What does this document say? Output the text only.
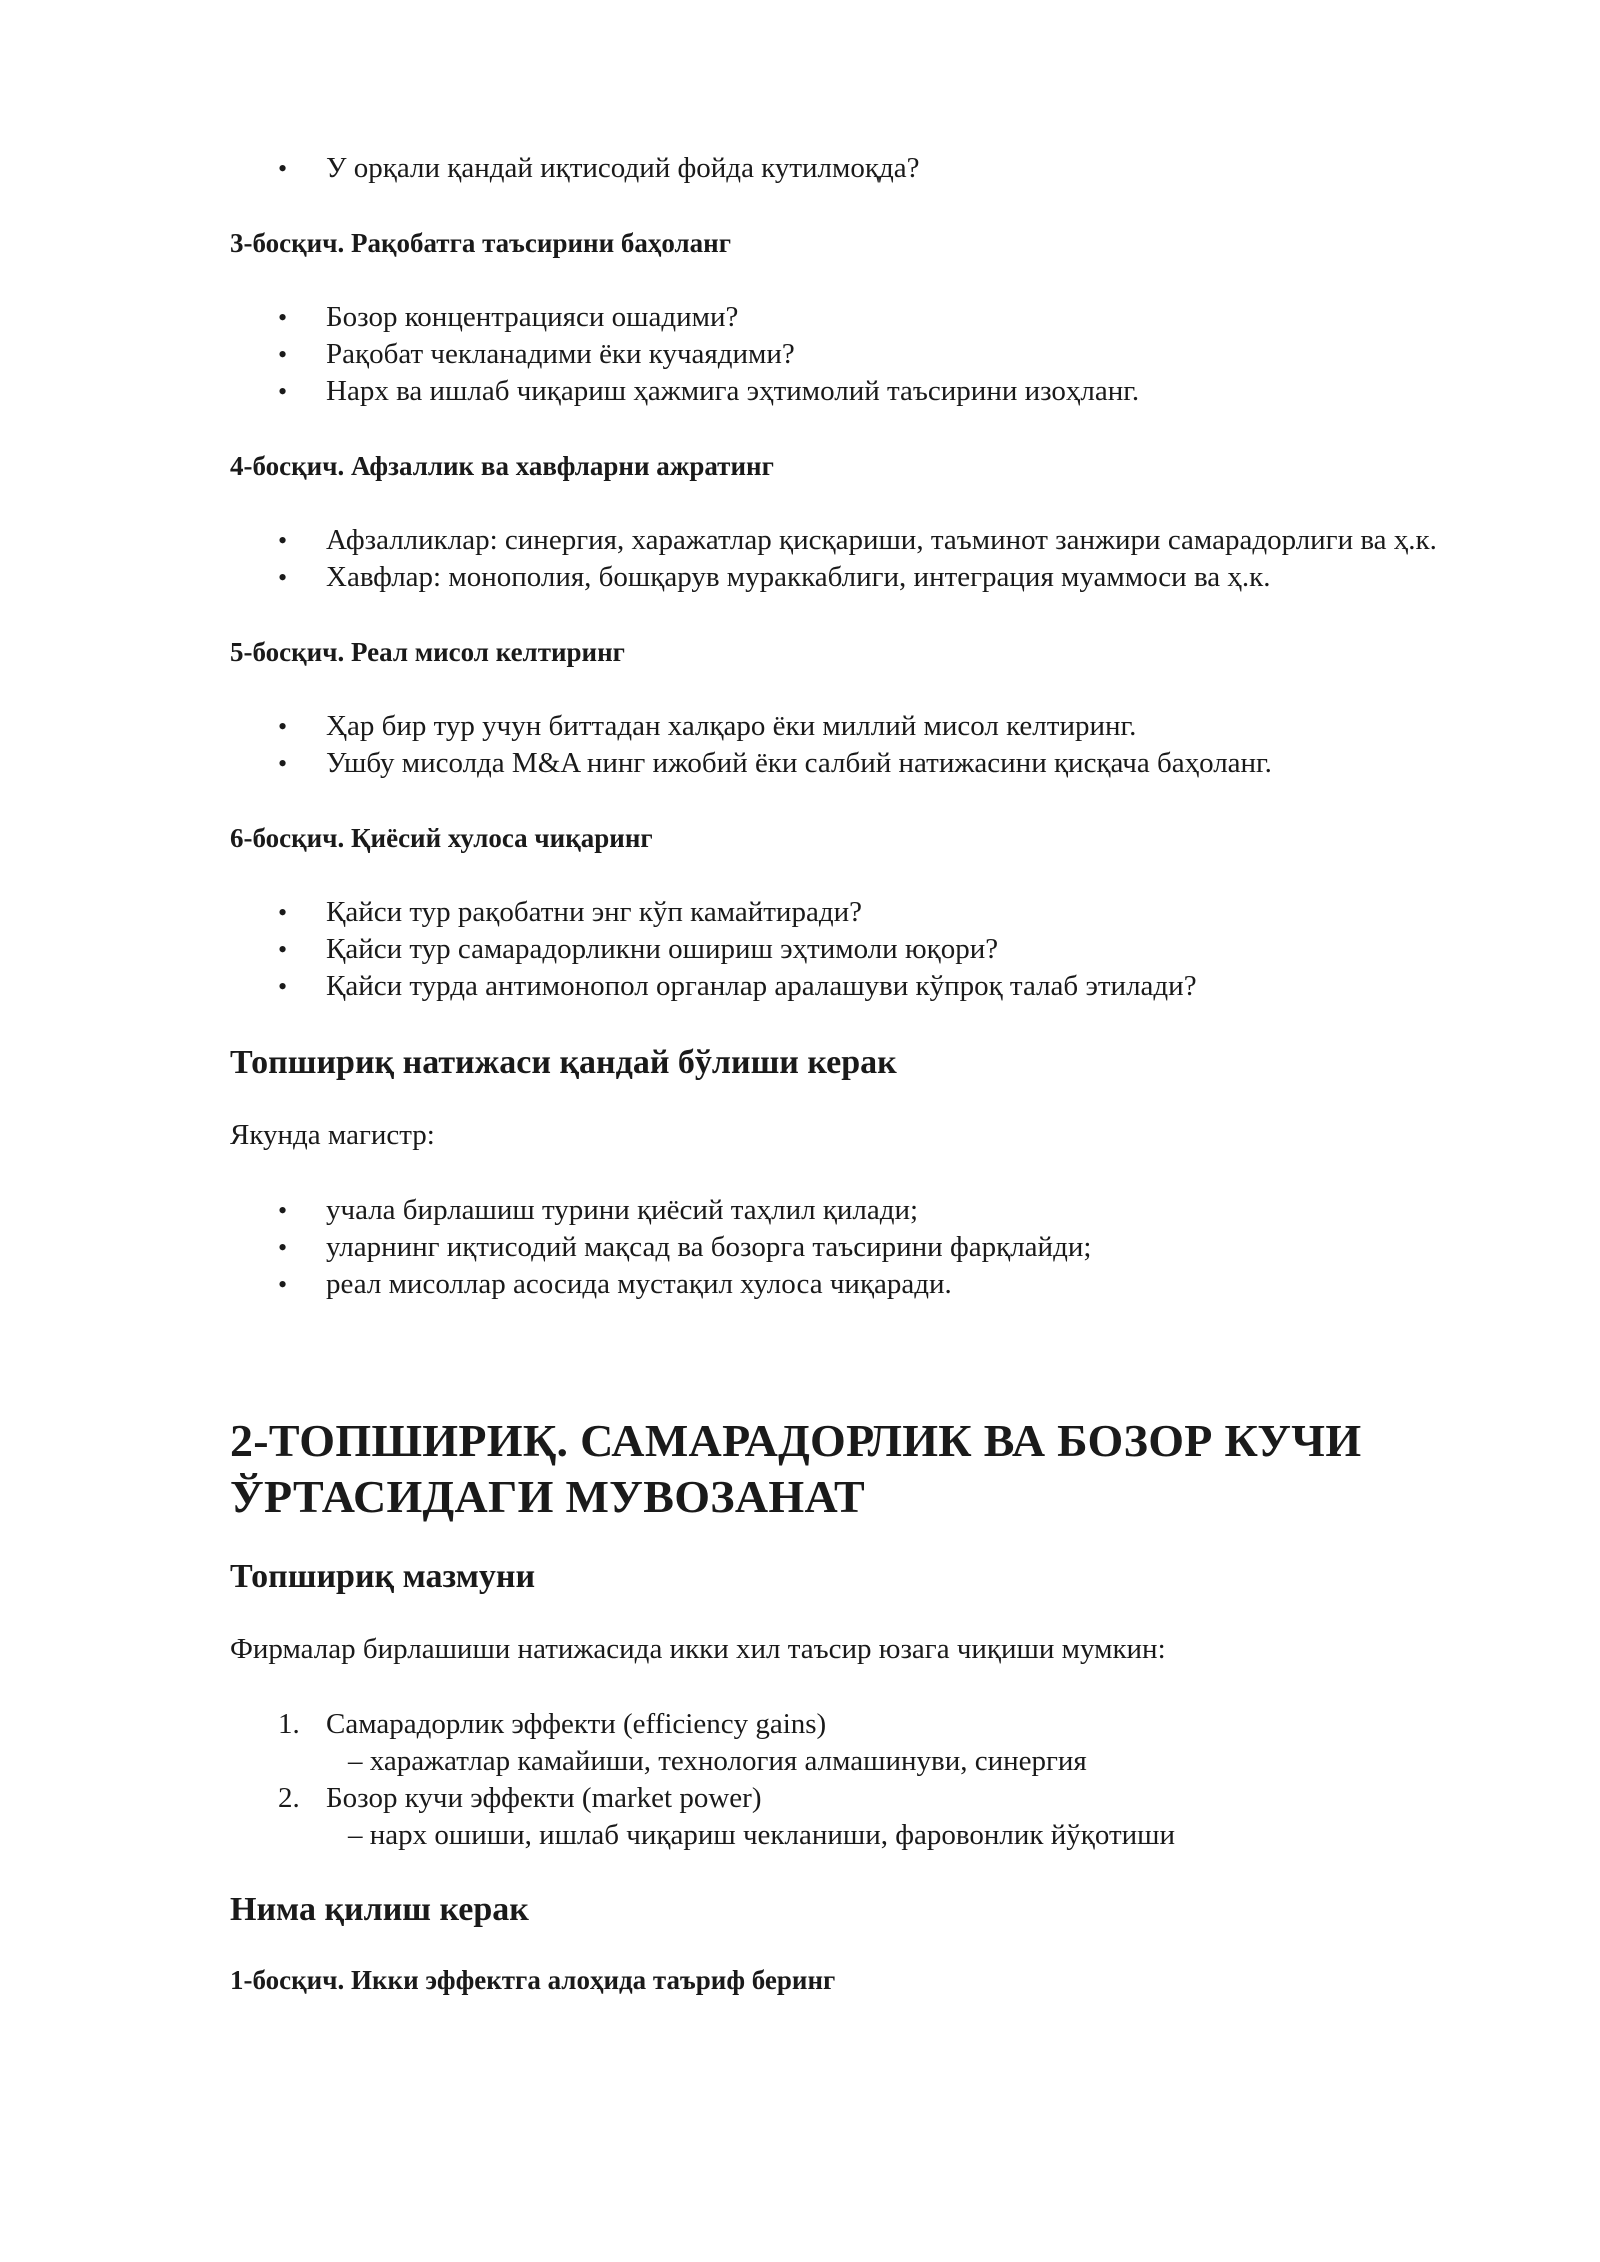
• У орқали қандай иқтисодий фойда кутилмоқда?

3-босқич. Рақобатга таъсирини баҳоланг

• Бозор концентрацияси ошадими?
• Рақобат чекланадими ёки кучаядими?
• Нарх ва ишлаб чиқариш ҳажмига эҳтимолий таъсирини изоҳланг.

4-босқич. Афзаллик ва хавфларни ажратинг

• Афзалликлар: синергия, харажатлар қисқариши, таъминот занжири самарадорлиги ва ҳ.к.
• Хавфлар: монополия, бошқарув мураккаблиги, интеграция муаммоси ва ҳ.к.

5-босқич. Реал мисол келтиринг

• Ҳар бир тур учун биттадан халқаро ёки миллий мисол келтиринг.
• Ушбу мисолда M&A нинг ижобий ёки салбий натижасини қисқача баҳоланг.

6-босқич. Қиёсий хулоса чиқаринг

• Қайси тур рақобатни энг кўп камайтиради?
• Қайси тур самарадорликни ошириш эҳтимоли юқори?
• Қайси турда антимонопол органлар аралашуви кўпроқ талаб этилади?

Топшириқ натижаси қандай бўлиши керак

Якунда магистр:

• учала бирлашиш турини қиёсий таҳлил қилади;
• уларнинг иқтисодий мақсад ва бозорга таъсирини фарқлайди;
• реал мисоллар асосида мустақил хулоса чиқаради.
2-ТОПШИРИҚ. САМАРАДОРЛИК ВА БОЗОР КУЧИ
ЎРТАСИДАГИ МУВОЗАНАТ

Топшириқ мазмуни

Фирмалар бирлашиши натижасида икки хил таъсир юзага чиқиши мумкин:

1. Самарадорлик эффекти (efficiency gains)
– харажатлар камайиши, технология алмашинуви, синергия
2. Бозор кучи эффекти (market power)
– нарх ошиши, ишлаб чиқариш чекланиши, фаровонлик йўқотиши

Нима қилиш керак

1-босқич. Икки эффектга алоҳида таъриф беринг
